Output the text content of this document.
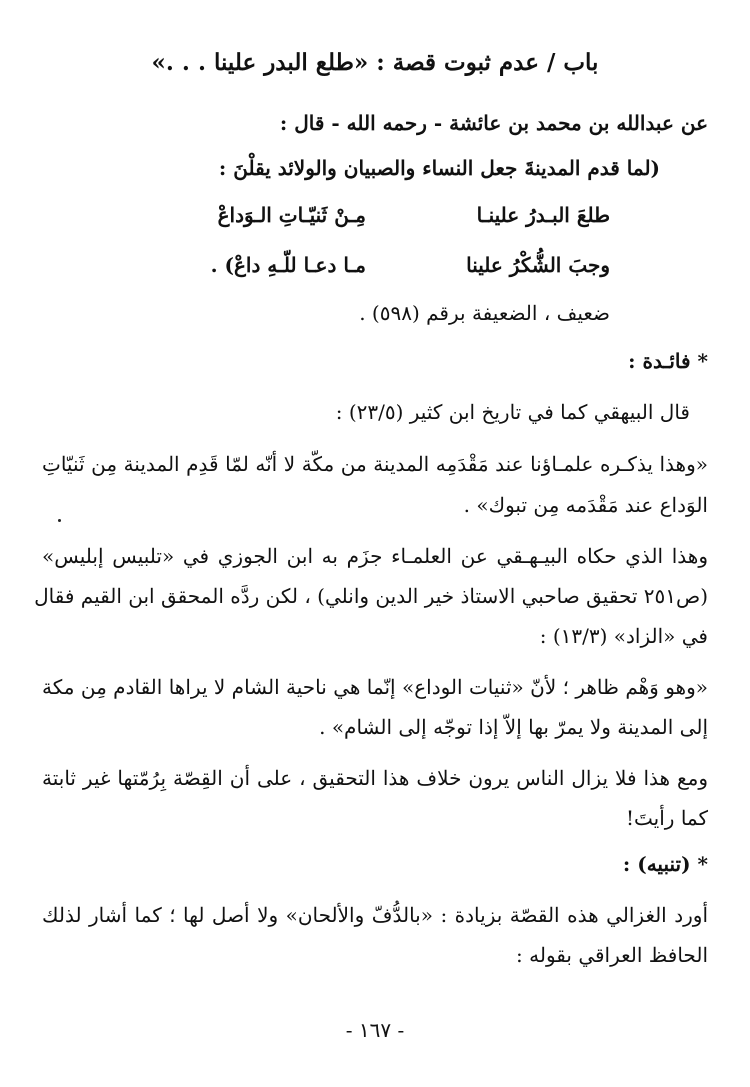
باب / عدم ثبوت قصة : «طلع البدر علينا . . .»
عن عبدالله بن محمد بن عائشة - رحمه الله - قال :
(لما قدم المدينةَ جعل النساء والصبيان والولائد يقلْنَ :
طلعَ البـدرُ علينـا
مِـنْ ثَنيّـاتِ الـوَداعْ
وجبَ الشُّكْرُ علينا
مـا دعـا للّـهِ داعْ) .
ضعيف ، الضعيفة برقم (٥٩٨) .
* فائـدة :
قال البيهقي كما في تاريخ ابن كثير (٢٣/٥) :
«وهذا يذكـره علمـاؤنا عند مَقْدَمِه المدينة من مكّة لا أنّه لمّا قَدِم المدينة مِن ثَنيّاتِ
الوَداع عند مَقْدَمه مِن تبوك» .
وهذا الذي حكاه البيـهـقي عن العلمـاء جزَم به ابن الجوزي في «تلبيس إبليس»
(ص٢٥١ تحقيق صاحبي الاستاذ خير الدين وانلي) ، لكن ردَّه المحقق ابن القيم فقال
في «الزاد» (١٣/٣) :
«وهو وَهْم ظاهر ؛ لأنّ «ثنيات الوداع» إنّما هي ناحية الشام لا يراها القادم مِن مكة
إلى المدينة ولا يمرّ بها إلاّ إذا توجّه إلى الشام» .
ومع هذا فلا يزال الناس يرون خلاف هذا التحقيق ، على أن القِصّة بِرُمّتها غير ثابتة
كما رأيتَ!
* (تنبيه) :
أورد الغزالي هذه القصّة بزيادة : «بالدُّفّ والألحان» ولا أصل لها ؛ كما أشار لذلك
الحافظ العراقي بقوله :
- ١٦٧ -
